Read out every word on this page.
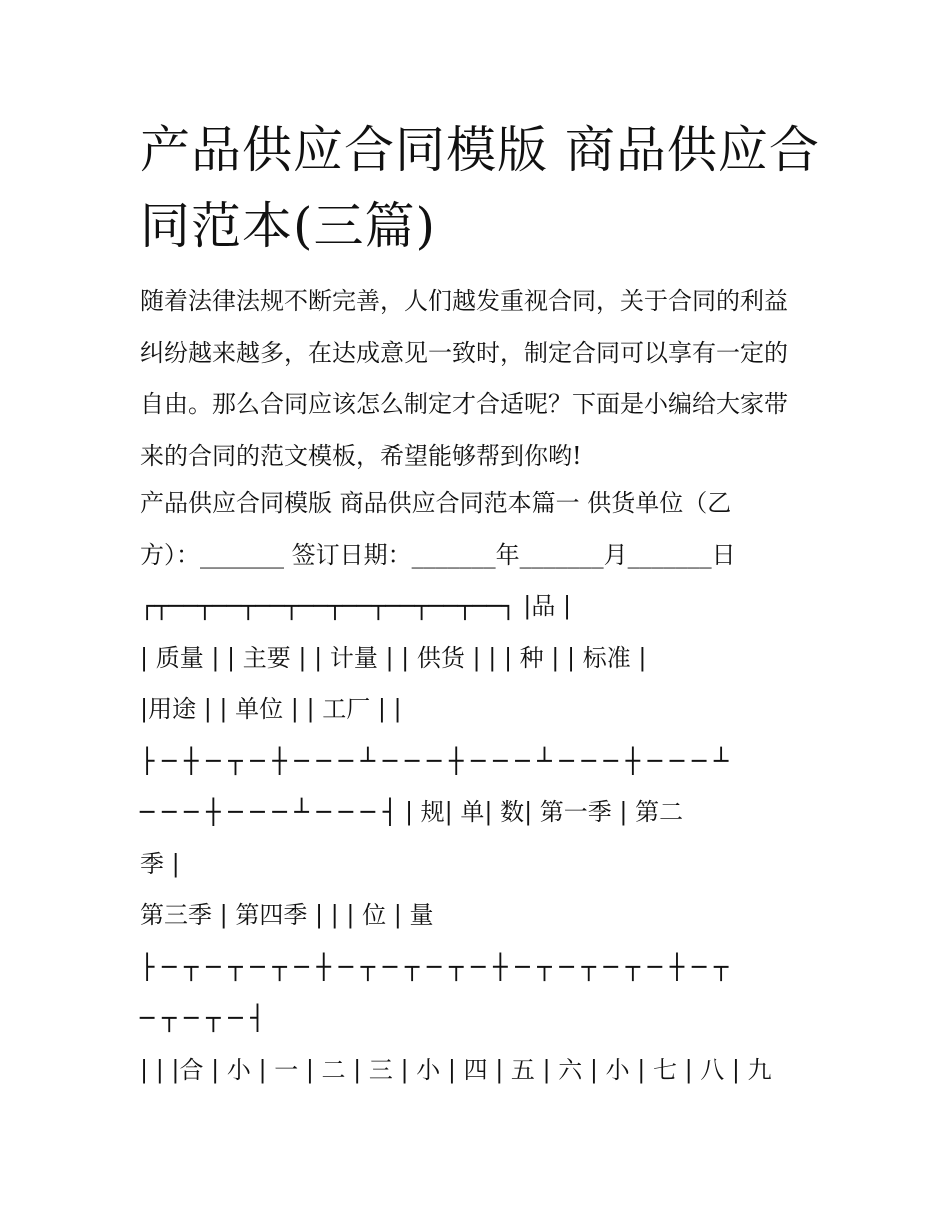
产品供应合同模版 商品供应合
同范本(三篇)
随着法律法规不断完善，人们越发重视合同，关于合同的利益
纠纷越来越多，在达成意见一致时，制定合同可以享有一定的
自由。那么合同应该怎么制定才合适呢？下面是小编给大家带
来的合同的范文模板，希望能够帮到你哟!
产品供应合同模版 商品供应合同范本篇一 供货单位（乙
方）：_______ 签订日期：_______年_______月_______日
┌┬──┬──┬──┬──┬──┬──┬──┬──┐ |品 |
| 质量 | | 主要 | | 计量 | | 供货 | | | 种 | | 标准 |
|用途 | | 单位 | | 工厂 | |
├ ─ ┼ ─ ┬ ─ ┼ ─ ─ ─ ┴ ─ ─ ─ ┼ ─ ─ ─ ┴ ─ ─ ─ ┼ ─ ─ ─ ┴
─ ─ ─ ┼ ─ ─ ─ ┴ ─ ─ ─ ┤ | 规| 单| 数| 第一季 | 第二
季 |
第三季 | 第四季 | | | 位 | 量
├ ─ ┬ ─ ┬ ─ ┬ ─ ┼ ─ ┬ ─ ┬ ─ ┬ ─ ┼ ─ ┬ ─ ┬ ─ ┬ ─ ┼ ─ ┬
─ ┬ ─ ┬ ─ ┤
| | |合 | 小 | 一 | 二 | 三 | 小 | 四 | 五 | 六 | 小 | 七 | 八 | 九
